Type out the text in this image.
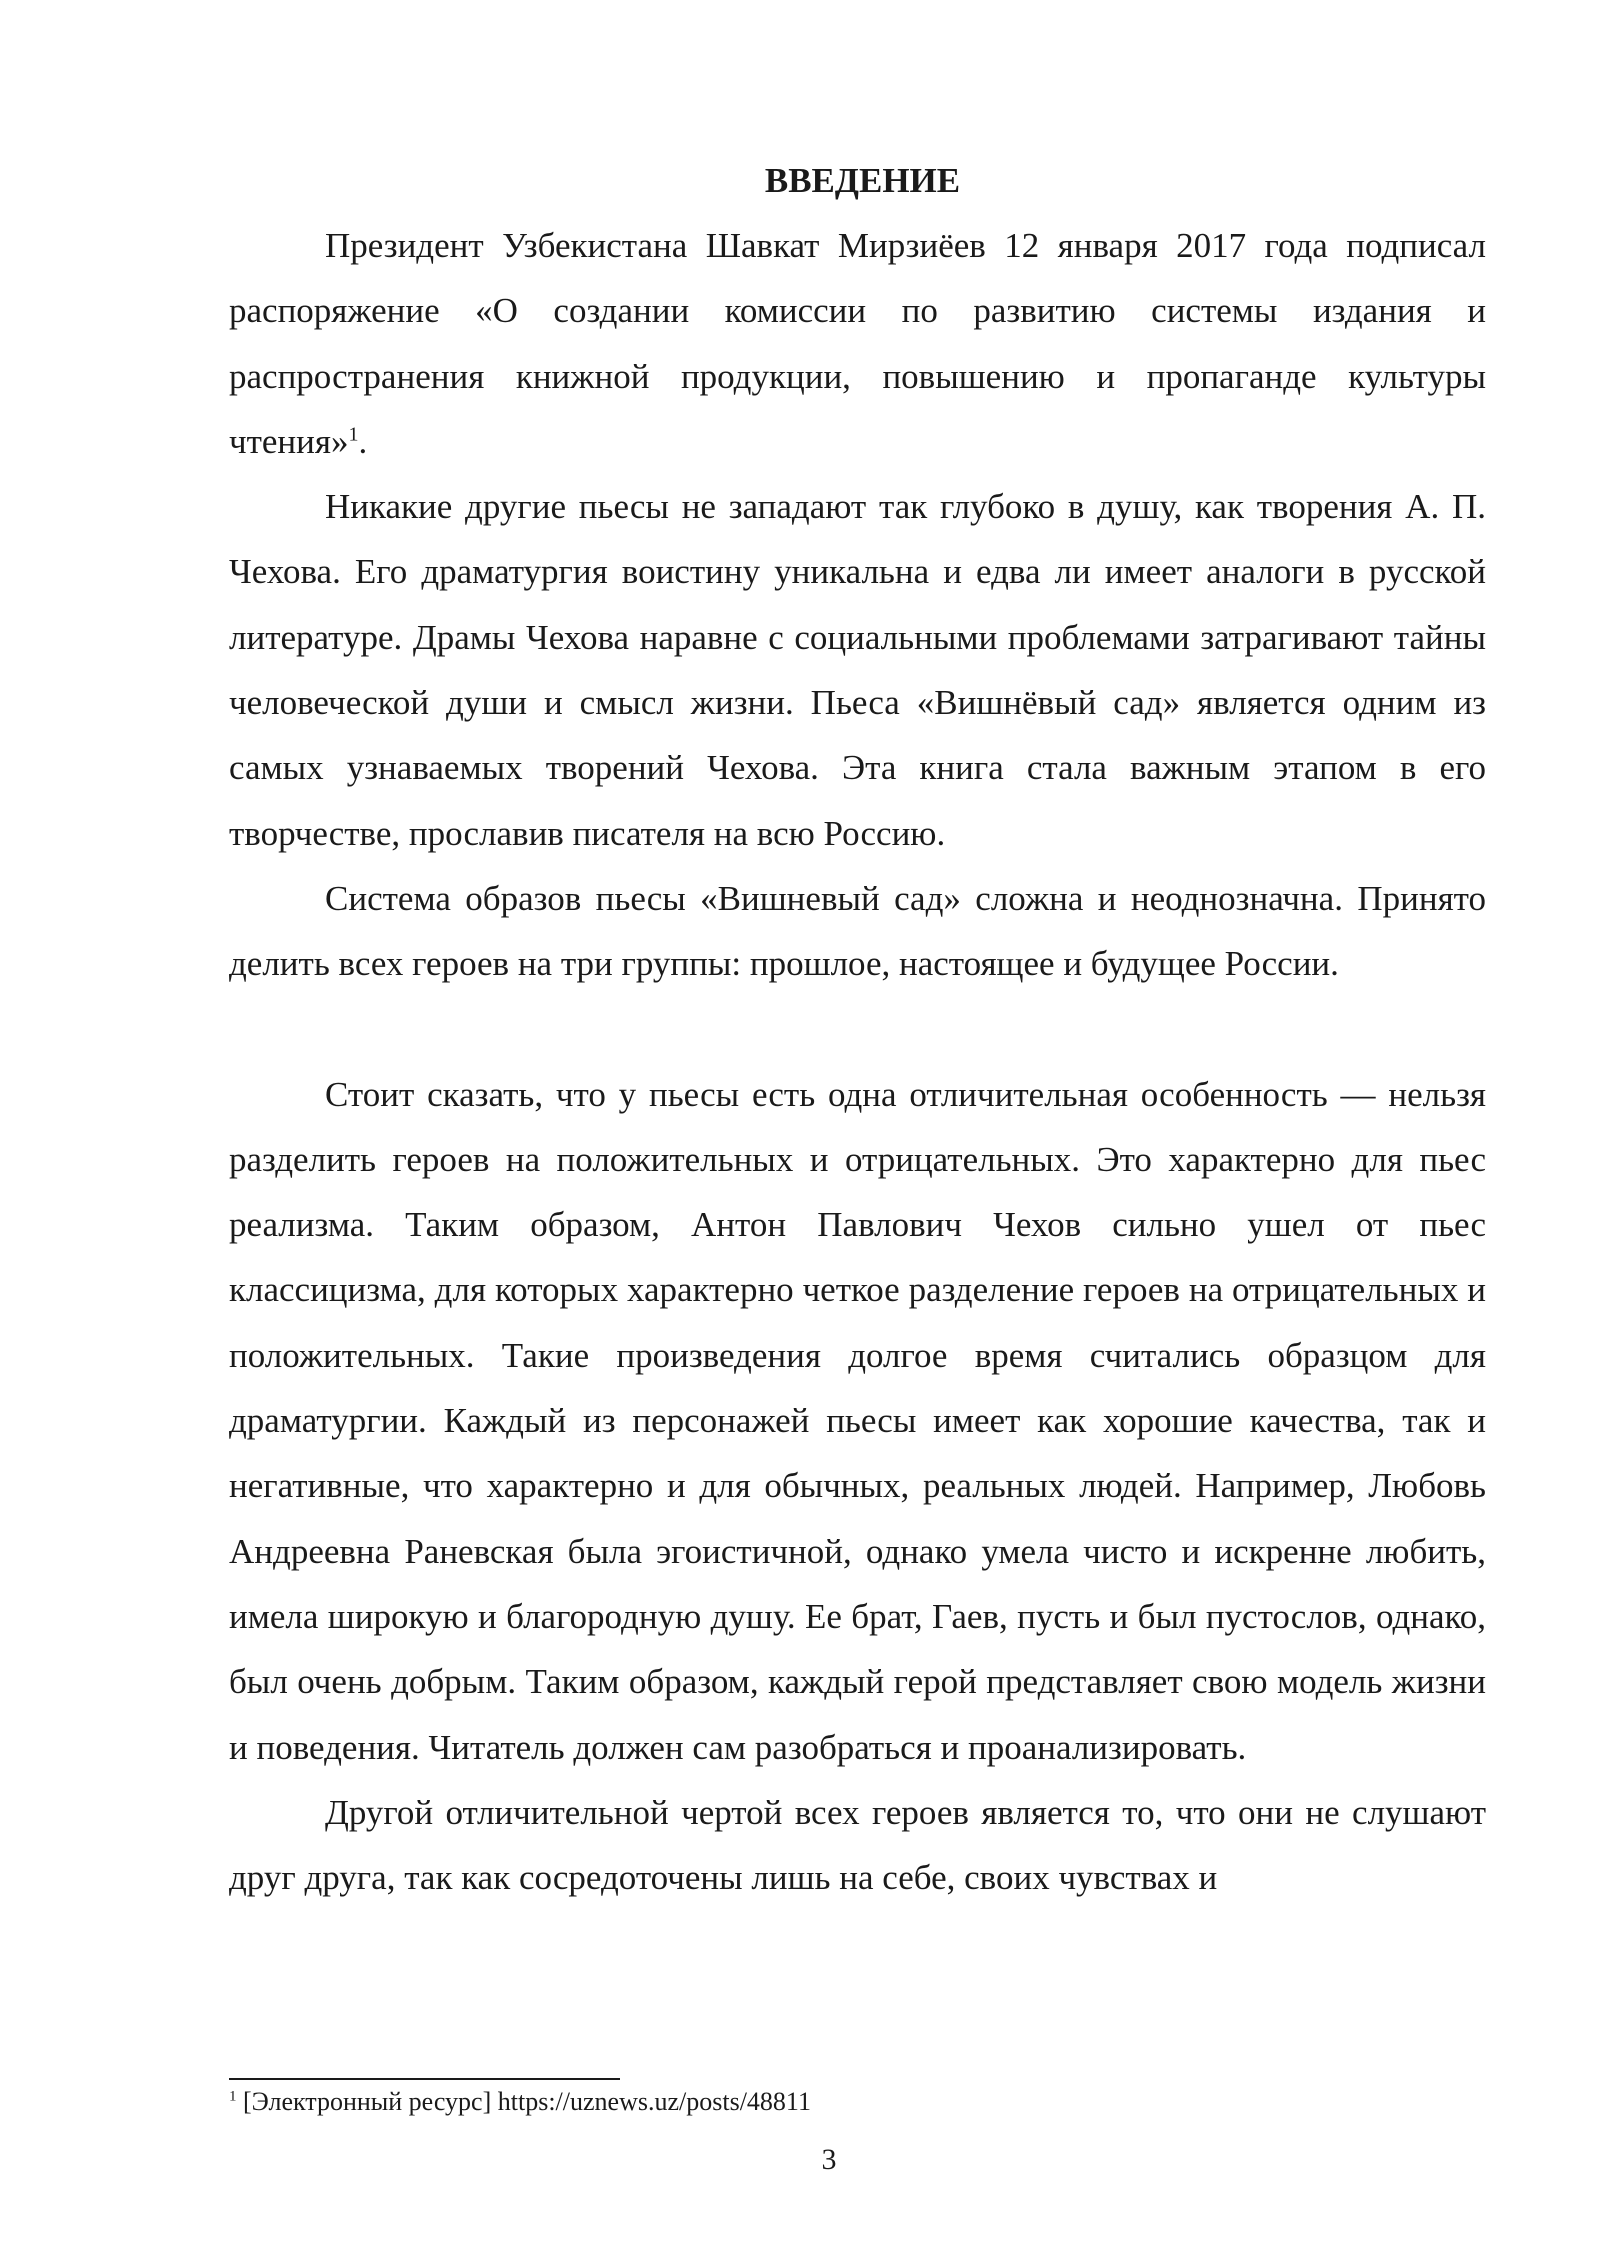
ВВЕДЕНИЕ

Президент Узбекистана Шавкат Мирзиёев 12 января 2017 года подписал распоряжение «О создании комиссии по развитию системы издания и распространения книжной продукции, повышению и пропаганде культуры чтения»$^1$.

Никакие другие пьесы не западают так глубоко в душу, как творения А. П. Чехова. Его драматургия воистину уникальна и едва ли имеет аналоги в русской литературе. Драмы Чехова наравне с социальными проблемами затрагивают тайны человеческой души и смысл жизни. Пьеса «Вишнёвый сад» является одним из самых узнаваемых творений Чехова. Эта книга стала важным этапом в его творчестве, прославив писателя на всю Россию.

Система образов пьесы «Вишневый сад» сложна и неоднозначна. Принято делить всех героев на три группы: прошлое, настоящее и будущее России.

Стоит сказать, что у пьесы есть одна отличительная особенность — нельзя разделить героев на положительных и отрицательных. Это характерно для пьес реализма. Таким образом, Антон Павлович Чехов сильно ушел от пьес классицизма, для которых характерно четкое разделение героев на отрицательных и положительных. Такие произведения долгое время считались образцом для драматургии. Каждый из персонажей пьесы имеет как хорошие качества, так и негативные, что характерно и для обычных, реальных людей. Например, Любовь Андреевна Раневская была эгоистичной, однако умела чисто и искренне любить, имела широкую и благородную душу. Ее брат, Гаев, пусть и был пустослов, однако, был очень добрым. Таким образом, каждый герой представляет свою модель жизни и поведения. Читатель должен сам разобраться и проанализировать.

Другой отличительной чертой всех героев является то, что они не слушают друг друга, так как сосредоточены лишь на себе, своих чувствах и

$^1$ [Электронный ресурс] https://uznews.uz/posts/48811
3
